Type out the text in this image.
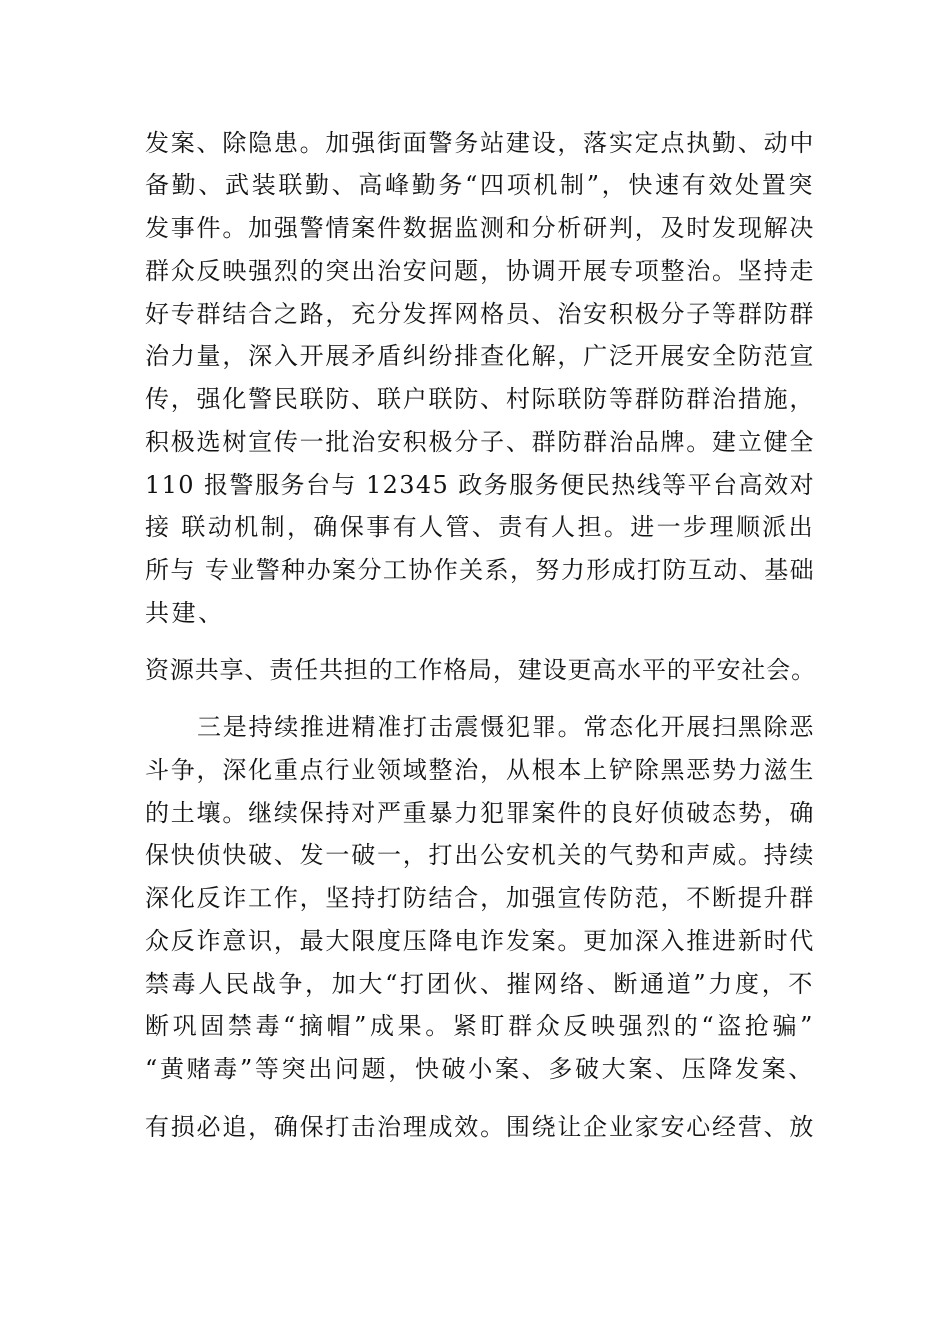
发案、除隐患。加强街面警务站建设，落实定点执勤、动中
备勤、武装联勤、高峰勤务“四项机制”，快速有效处置突
发事件。加强警情案件数据监测和分析研判，及时发现解决
群众反映强烈的突出治安问题，协调开展专项整治。坚持走
好专群结合之路，充分发挥网格员、治安积极分子等群防群
治力量，深入开展矛盾纠纷排查化解，广泛开展安全防范宣
传，强化警民联防、联户联防、村际联防等群防群治措施，
积极选树宣传一批治安积极分子、群防群治品牌。建立健全
110 报警服务台与 12345 政务服务便民热线等平台高效对
接 联动机制，确保事有人管、责有人担。进一步理顺派出
所与 专业警种办案分工协作关系，努力形成打防互动、基础
共建、
资源共享、责任共担的工作格局，建设更高水平的平安社会。
三是持续推进精准打击震慑犯罪。常态化开展扫黑除恶
斗争，深化重点行业领域整治，从根本上铲除黑恶势力滋生
的土壤。继续保持对严重暴力犯罪案件的良好侦破态势，确
保快侦快破、发一破一，打出公安机关的气势和声威。持续
深化反诈工作，坚持打防结合，加强宣传防范，不断提升群
众反诈意识，最大限度压降电诈发案。更加深入推进新时代
禁毒人民战争，加大“打团伙、摧网络、断通道”力度，不
断巩固禁毒“摘帽”成果。紧盯群众反映强烈的“盗抢骗”
“黄赌毒”等突出问题，快破小案、多破大案、压降发案、
有损必追，确保打击治理成效。围绕让企业家安心经营、放
